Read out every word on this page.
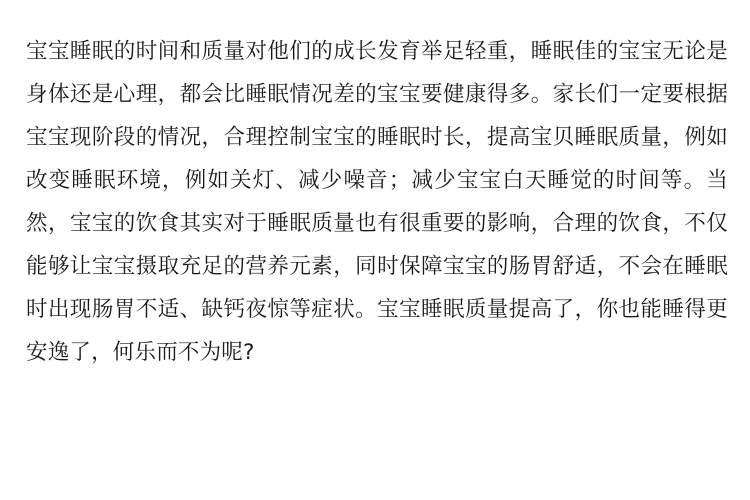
宝宝睡眠的时间和质量对他们的成长发育举足轻重，睡眠佳的宝宝无论是身体还是心理，都会比睡眠情况差的宝宝要健康得多。家长们一定要根据宝宝现阶段的情况，合理控制宝宝的睡眠时长，提高宝贝睡眠质量，例如改变睡眠环境，例如关灯、减少噪音；减少宝宝白天睡觉的时间等。当然，宝宝的饮食其实对于睡眠质量也有很重要的影响，合理的饮食，不仅能够让宝宝摄取充足的营养元素，同时保障宝宝的肠胃舒适，不会在睡眠时出现肠胃不适、缺钙夜惊等症状。宝宝睡眠质量提高了，你也能睡得更安逸了，何乐而不为呢?
